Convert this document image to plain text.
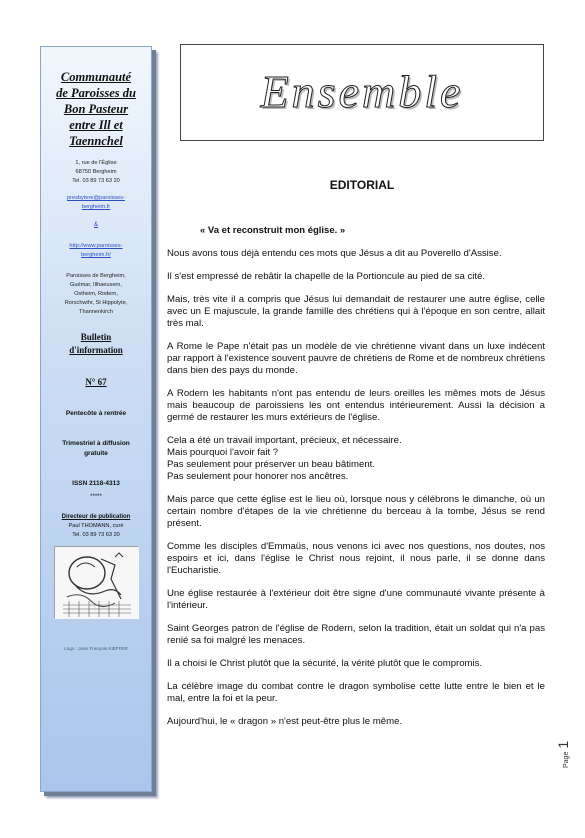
Communauté
de Paroisses du
Bon Pasteur
entre Ill et
Taennchel
1, rue de l'Église
68750 Bergheim
Tel. 03 89 73 63 20
presbytere@paroisses-
bergheim.fr
&
http://www.paroisses-
bergheim.fr/
Paroisses de Bergheim,
Guémar, Illhaeusern,
Ostheim, Rodern,
Rorschwihr, St Hippolyte,
Thannenkirch
Bulletin
d'information
N° 67
Pentecôte à rentrée
Trimestriel à diffusion
gratuite
ISSN 2118-4313
*****
Directeur de publication
Paul THOMANN, curé
Tel. 03 89 73 63 20
Logo : Jean François KIEFFER
Ensemble
EDITORIAL
« Va et reconstruit mon église. »

Nous avons tous déjà entendu ces mots que Jésus a dit au Poverello d'Assise.

Il s'est empressé de rebâtir la chapelle de la Portioncule au pied de sa cité.

Mais, très vite il a compris que Jésus lui demandait de restaurer une autre église, celle avec un E majuscule, la grande famille des chrétiens qui à l'époque en son centre, allait très mal.

A Rome le Pape n'était pas un modèle de vie chrétienne vivant dans un luxe indécent par rapport à l'existence souvent pauvre de chrétiens de Rome et de nombreux chrétiens dans bien des pays du monde.

A Rodern les habitants n'ont pas entendu de leurs oreilles les mêmes mots de Jésus mais beaucoup de paroissiens les ont entendus intérieurement. Aussi la décision a germé de restaurer les murs extérieurs de l'église.

Cela a été un travail important, précieux, et nécessaire.
Mais pourquoi l'avoir fait ?
Pas seulement pour préserver un beau bâtiment.
Pas seulement pour honorer nos ancêtres.

Mais parce que cette église est le lieu où, lorsque nous y célébrons le dimanche, où un certain nombre d'étapes de la vie chrétienne du berceau à la tombe, Jésus se rend présent.

Comme les disciples d'Emmaüs, nous venons ici avec nos questions, nos doutes, nos espoirs et ici, dans l'église le Christ nous rejoint, il nous parle, il se donne dans l'Eucharistie.

Une église restaurée à l'extérieur doit être signe d'une communauté vivante présente à l'intérieur.

Saint Georges patron de l'église de Rodern, selon la tradition, était un soldat qui n'a pas renié sa foi malgré les menaces.

Il a choisi le Christ plutôt que la sécurité, la vérité plutôt que le compromis.

La célèbre image du combat contre le dragon symbolise cette lutte entre le bien et le mal, entre la foi et la peur.

Aujourd'hui, le « dragon » n'est peut-être plus le même.

Page1
